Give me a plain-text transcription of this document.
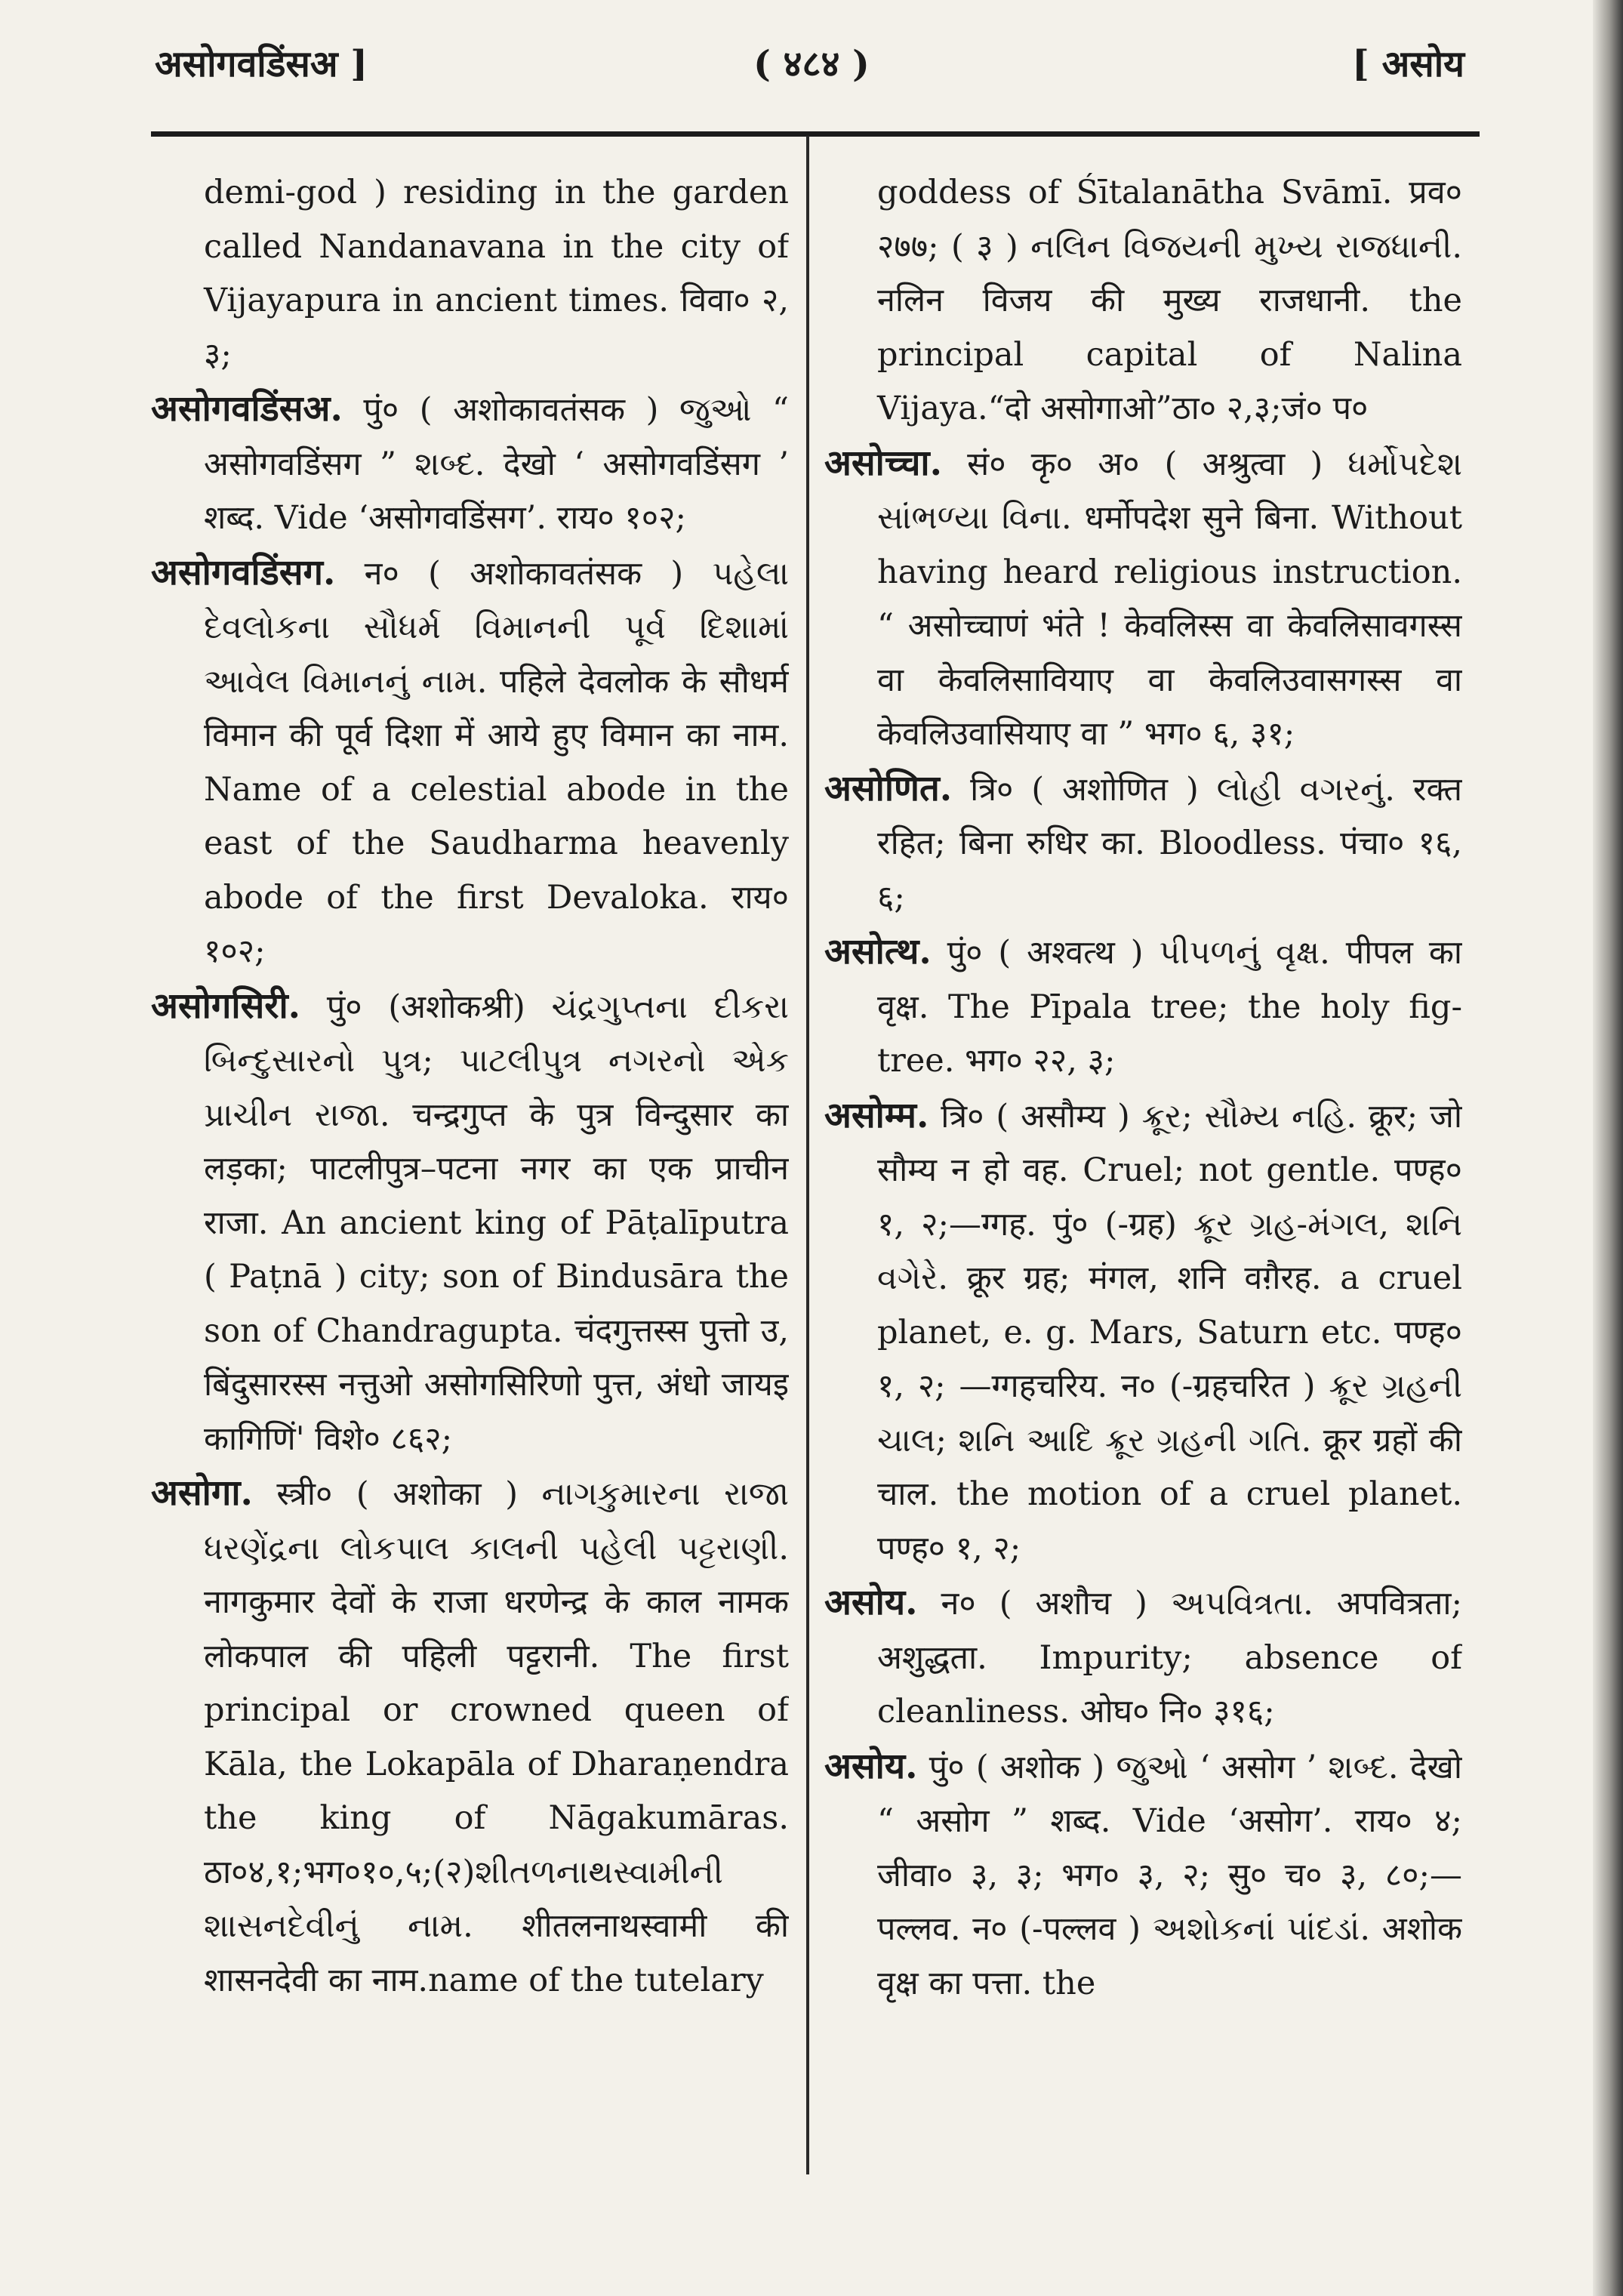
असोगवडिंसअ ]	( ४८४ )	[ असोय

demi-god ) residing in the garden called Nandanavana in the city of Vijayapura in ancient times. विवा० २, ३;

असोगवडिंसअ. पुं० ( अशोकावतंसक ) જુઓ “ असोगवडिंसग ” શબ્દ. देखो ‘ असोगवडिंसग ’ शब्द. Vide ‘असोगवडिंसग’. राय० १०२;

असोगवडिंसग. न० ( अशोकावतंसक ) પહેલા દેવલોકના સૌધર્મ વિમાનની પૂર્વ દિશામાં આવેલ વિમાનનું નામ. पहिले देवलोक के सौधर्म विमान की पूर्व दिशा में आये हुए विमान का नाम. Name of a celestial abode in the east of the Saudharma heavenly abode of the first Devaloka. राय० १०२;

असोगसिरी. पुं० (अशोकश्री) ચંદ્રગુપ્તના દીકરા બિન્દુસારનો પુત્ર; પાટલીપુત્ર નગરનો એક પ્રાચીન રાજા. चन्द्रगुप्त के पुत्र विन्दुसार का लड़का; पाटलीपुत्र–पटना नगर का एक प्राचीन राजा. An ancient king of Pāṭalīputra ( Paṭnā ) city; son of Bindusāra the son of Chandragupta. चंदगुत्तस्स पुत्तो उ, बिंदुसारस्स नत्तुओ असोगसिरिणो पुत्त, अंधो जायइ कागिणिं' विशे० ८६२;

असोगा. स्त्री० ( अशोका ) નાગકુમારના રાજા ધરણેંદ્રના લોકપાલ કાલની પહેલી પટ્ટરાણી. नागकुमार देवों के राजा धरणेन्द्र के काल नामक लोकपाल की पहिली पट्टरानी. The first principal or crowned queen of Kāla, the Lokapāla of Dharaṇendra the king of Nāgakumāras. ठा०४,१;भग०१०,५;(२)શીતળનાથસ્વામીની શાસનદેવીનું નામ. शीतलनाथस्वामी की शासनदेवी का नाम.name of the tutelary

goddess of Śītalanātha Svāmī. प्रव० २७७; ( ३ ) નલિન વિજયની મુખ્ય રાજધાની. नलिन विजय की मुख्य राजधानी. the principal capital of Nalina Vijaya.“दो असोगाओ”ठा० २,३;जं० प०

असोच्चा. सं० कृ० अ० ( अश्रुत्वा ) ધર્મોપદેશ સાંભળ્યા વિના. धर्मोपदेश सुने बिना. Without having heard religious instruction. “ असोच्चाणं भंते ! केवलिस्स वा केवलिसावगस्स वा केवलिसावियाए वा केवलिउवासगस्स वा केवलिउवासियाए वा ” भग० ६, ३१;

असोणित. त्रि० ( अशोणित ) લોહી વગરનું. रक्त रहित; बिना रुधिर का. Bloodless. पंचा० १६, ६;

असोत्थ. पुं० ( अश्वत्थ ) પીપળનું વૃક્ષ. पीपल का वृक्ष. The Pīpala tree; the holy fig-tree. भग० २२, ३;

असोम्म. त्रि० ( असौम्य ) ક્રૂર; સૌમ્ય નહિ. क्रूर; जो सौम्य न हो वह. Cruel; not gentle. पण्ह० १, २;—ग्गह. पुं० (-ग्रह) ક્રૂર ગ્રહ-મંગલ, શનિ વગેરે. क्रूर ग्रह; मंगल, शनि वग़ैरह. a cruel planet, e. g. Mars, Saturn etc. पण्ह० १, २; —ग्गहचरिय. न० (-ग्रहचरित ) ક્રૂર ગ્રહની ચાલ; શનિ આદિ ક્રૂર ગ્રહની ગતિ. क्रूर ग्रहों की चाल. the motion of a cruel planet. पण्ह० १, २;

असोय. न० ( अशौच ) અપવિત્રતા. अपवित्रता; अशुद्धता. Impurity; absence of cleanliness. ओघ० नि० ३१६;

असोय. पुं० ( अशोक ) જુઓ ‘ असोग ’ શબ્દ. देखो “ असोग ” शब्द. Vide ‘असोग’. राय० ४; जीवा० ३, ३; भग० ३, २; सु० च० ३, ८०;—पल्लव. न० (-पल्लव ) અશોકનાં પાંદડાં. अशोक वृक्ष का पत्ता. the
